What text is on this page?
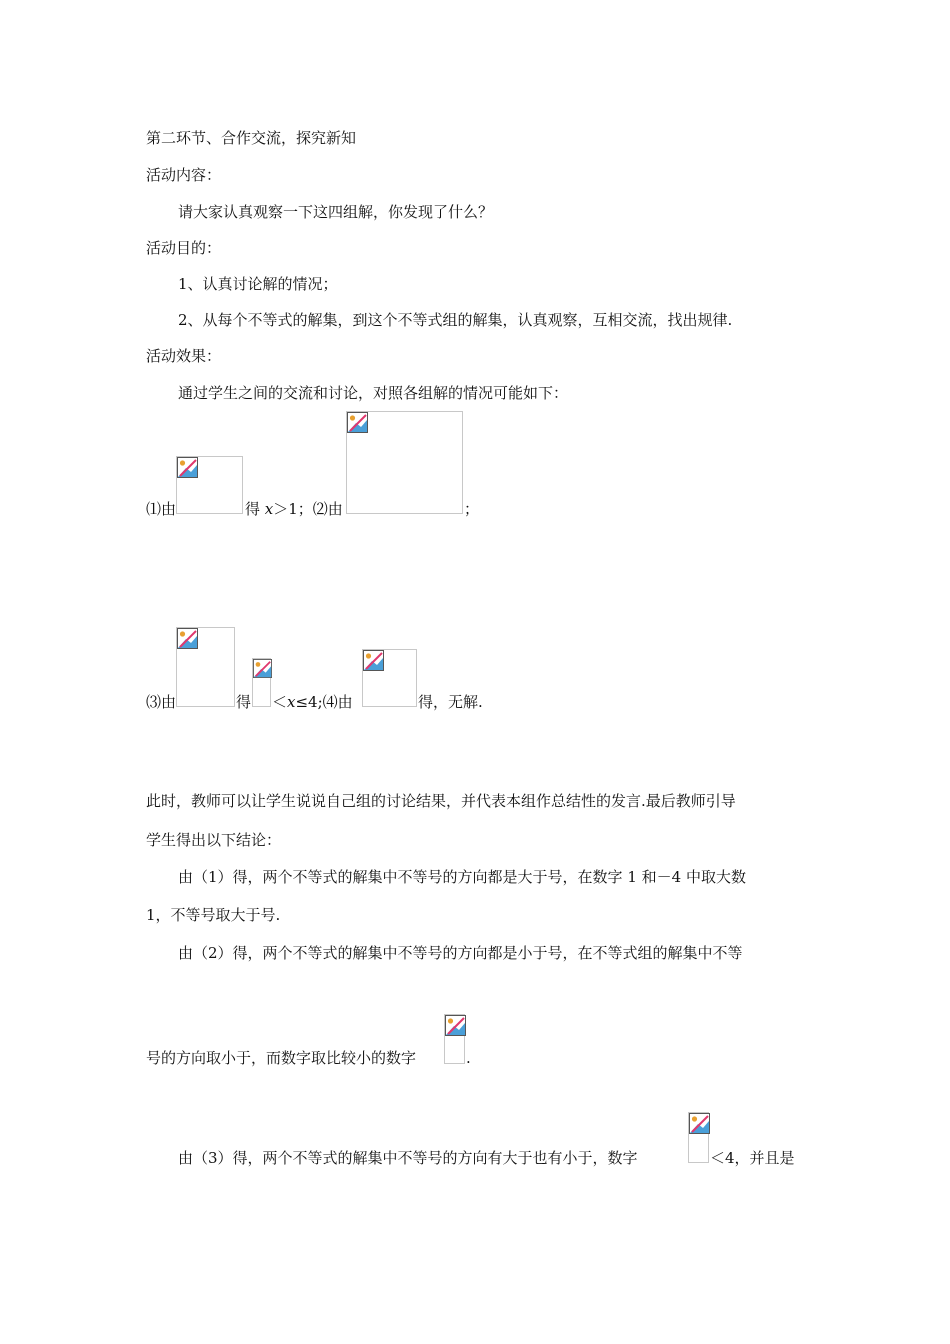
第二环节、合作交流，探究新知
活动内容：
请大家认真观察一下这四组解，你发现了什么？
活动目的：
1、认真讨论解的情况；
2、从每个不等式的解集，到这个不等式组的解集，认真观察，互相交流，找出规律.
活动效果：
通过学生之间的交流和讨论，对照各组解的情况可能如下：
⑴由	得 x＞1；⑵由	；
⑶由	得 ＜x≤4;⑷由	得，无解.
此时，教师可以让学生说说自己组的讨论结果，并代表本组作总结性的发言.最后教师引导
学生得出以下结论：
由（1）得，两个不等式的解集中不等号的方向都是大于号，在数字 1 和－4 中取大数
1，不等号取大于号.
由（2）得，两个不等式的解集中不等号的方向都是小于号，在不等式组的解集中不等
号的方向取小于，而数字取比较小的数字	.
由（3）得，两个不等式的解集中不等号的方向有大于也有小于，数字	＜4，并且是
